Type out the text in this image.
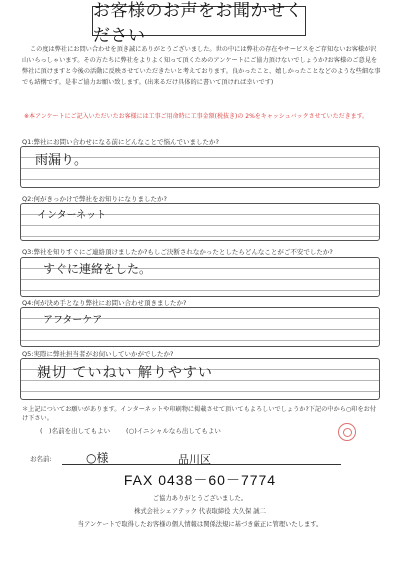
お客様のお声をお聞かせください
この度は弊社にお問い合わせを頂き誠にありがとうございました。世の中には弊社の存在やサービスをご存知ないお客様が沢山いらっしゃいます。その方たちに弊社をよりよく知って頂くためのアンケートにご協力頂けないでしょうか?お客様のご意見を弊社に頂けますと今後の活動に反映させていただきたいと考えております。良かったこと、嬉しかったことなどのような些細な事でも結構です。是非ご協力お願い致します。(出来るだけ具体的に書いて頂ければ幸いです)
※本アンケートにご記入いただいたお客様には工事ご用命時に工事金額(税抜き)の 2%をキャッシュバックさせていただきます。
Q1:弊社にお問い合わせになる前にどんなことで悩んでいましたか?
雨漏り。
Q2:何がきっかけで弊社をお知りになりましたか?
インターネット
Q3:弊社を知りすぐにご連絡頂けましたか?もしご決断されなかったとしたらどんなことがご不安でしたか?
すぐに連絡をした。
Q4:何が決め手となり弊社にお問い合わせ頂きましたか?
アフターケア
Q5:実際に弊社担当者がお伺いしていかがでしたか?
親切 ていねい 解りやすい
＊上記についてお願いがあります。インターネットや印刷物に掲載させて頂いてもよろしいでしょうか?下記の中から○印をお付け下さい。
(　)名前を出してもよい (○)イニシャルなら出してもよい
お名前:	○様	品川区
FAX 0438－60－7774
ご協力ありがとうございました。
株式会社シェアテック 代表取締役 大久保 誠二
当アンケートで取得したお客様の個人情報は関係法規に基づき厳正に管理いたします。
